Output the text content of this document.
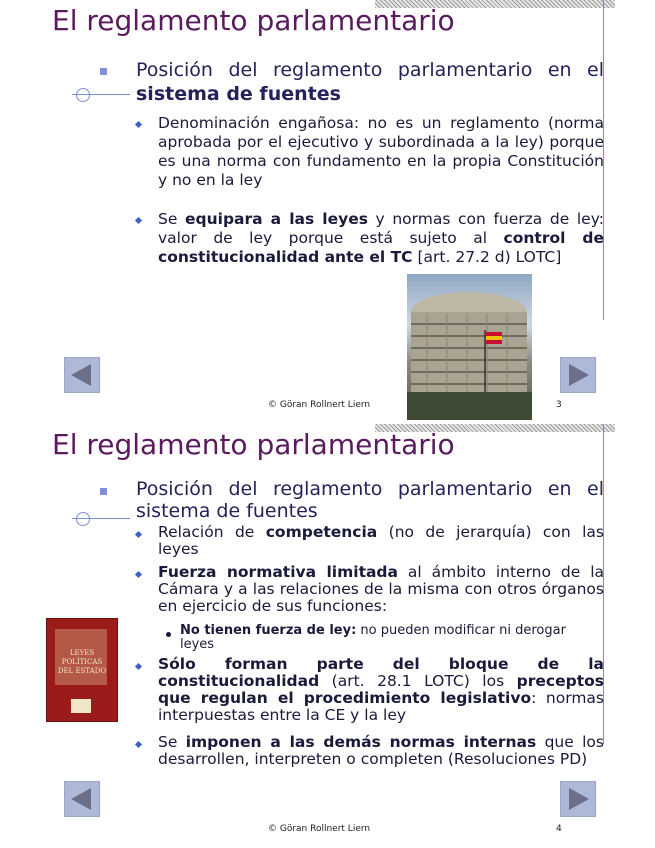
El reglamento parlamentario
Posición del reglamento parlamentario en el sistema de fuentes
Denominación engañosa: no es un reglamento (norma aprobada por el ejecutivo y subordinada a la ley) porque es una norma con fundamento en la propia Constitución y no en la ley
Se equipara a las leyes y normas con fuerza de ley: valor de ley porque está sujeto al control de constitucionalidad ante el TC [art. 27.2 d) LOTC]
© Göran Rollnert Liern	3
El reglamento parlamentario
Posición del reglamento parlamentario en el sistema de fuentes
Relación de competencia (no de jerarquía) con las leyes
Fuerza normativa limitada al ámbito interno de la Cámara y a las relaciones de la misma con otros órganos en ejercicio de sus funciones:
No tienen fuerza de ley: no pueden modificar ni derogar leyes
Sólo forman parte del bloque de la constitucionalidad (art. 28.1 LOTC) los preceptos que regulan el procedimiento legislativo: normas interpuestas entre la CE y la ley
Se imponen a las demás normas internas que los desarrollen, interpreten o completen (Resoluciones PD)
LEYES
POLÍTICAS
DEL ESTADO
© Göran Rollnert Liern	4
